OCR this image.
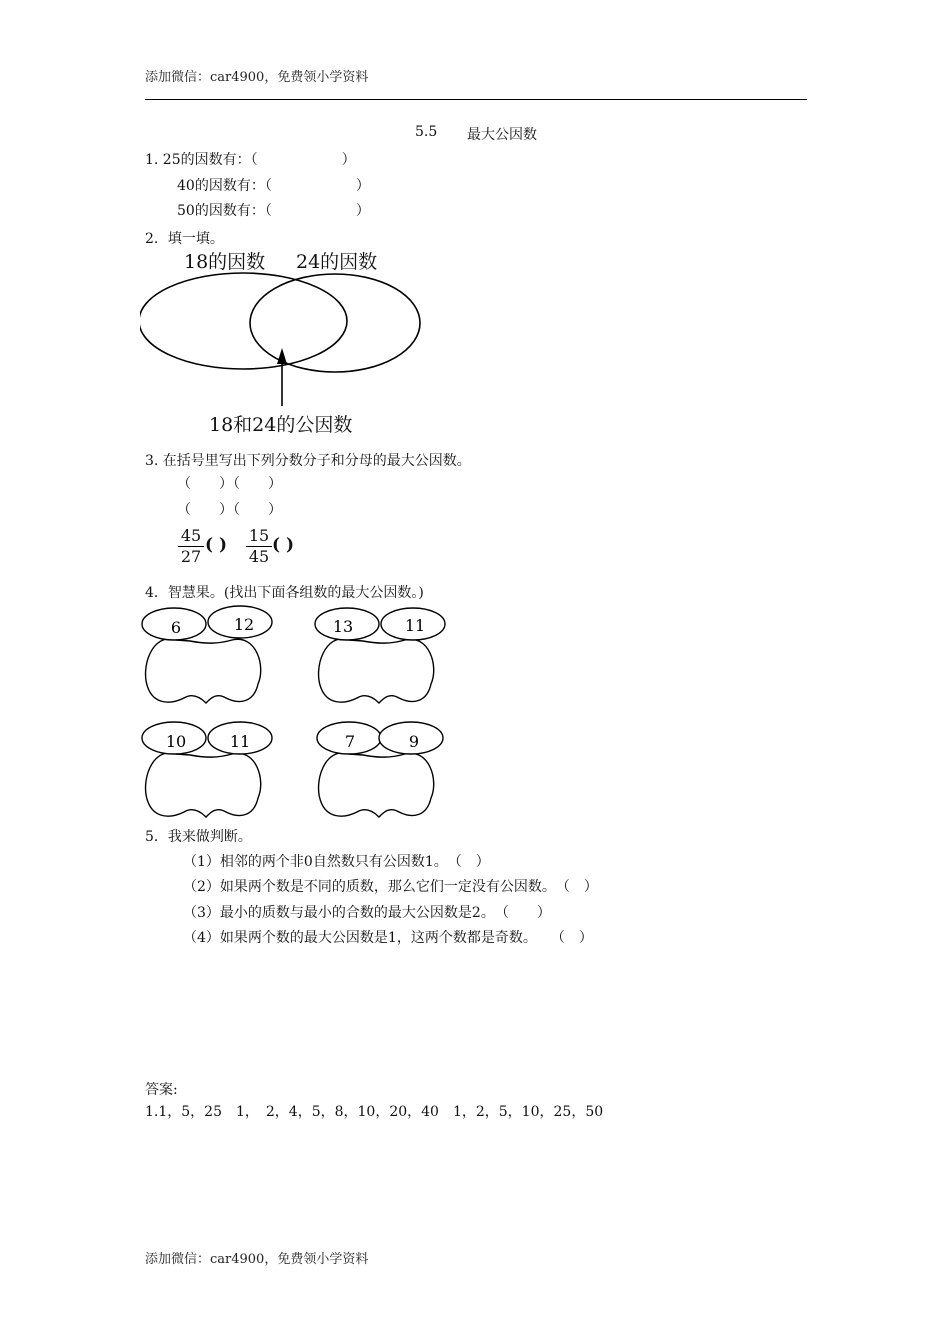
添加微信：car4900，免费领小学资料
5.5 最大公因数
1. 25的因数有：（　　　　　　）
40的因数有：（　　　　　　）
50的因数有：（　　　　　　）
2．填一填。
18的因数 24的因数
18和24的公因数
3. 在括号里写出下列分数分子和分母的最大公因数。
（　　）（　　）
（　　）（　　）
45
27
( ) 15
45
( )
4．智慧果。(找出下面各组数的最大公因数。)
6	12	13	11
10	11	7	9
5．我来做判断。
（1）相邻的两个非0自然数只有公因数1。　（　）
（2）如果两个数是不同的质数，那么它们一定没有公因数。　（　）
（3）最小的质数与最小的合数的最大公因数是2。　（　　）
（4）如果两个数的最大公因数是1，这两个数都是奇数。　　（　）
答案:
1.1，5，25　1，　2，4，5，8，10，20，40　1，2，5，10，25，50
添加微信：car4900，免费领小学资料
